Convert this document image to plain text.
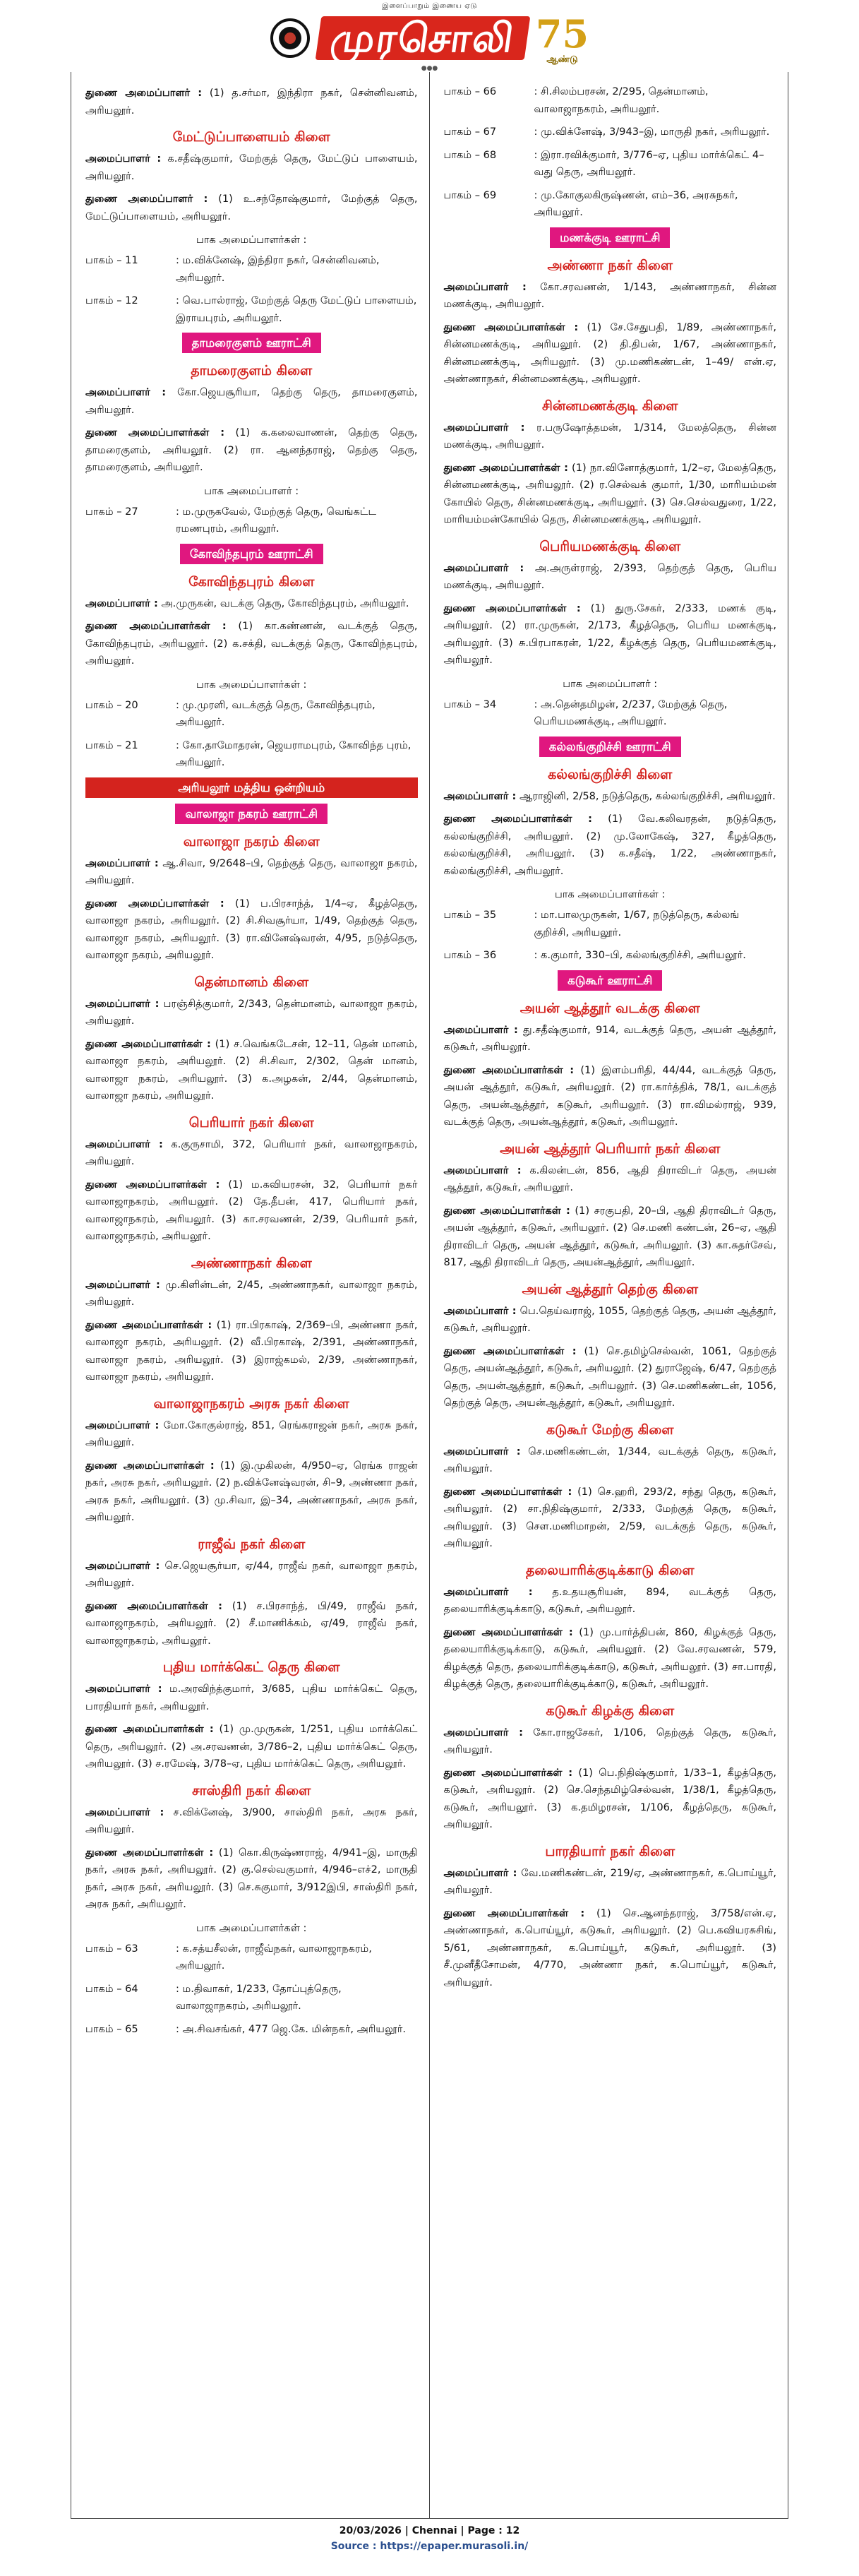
இளைப்பாறும் இணைய ஏடு
முரசொலி 75
ஆண்டு
●●●

துணை அமைப்பாளர் : (1) த.சர்மா, இந்திரா நகர், சென்னிவனம், அரியலூர்.

மேட்டுப்பாளையம் கிளை

அமைப்பாளர் : க.சதீஷ்குமார், மேற்குத் தெரு, மேட்டுப் பாளையம், அரியலூர்.

துணை அமைப்பாளர் : (1) உ.சந்தோஷ்குமார், மேற்குத் தெரு, மேட்டுப்பாளையம், அரியலூர்.

பாக அமைப்பாளர்கள் :
பாகம் – 11	: ம.விக்னேஷ், இந்திரா நகர், சென்னிவனம், அரியலூர்.
பாகம் – 12	: வெ.பால்ராஜ், மேற்குத் தெரு மேட்டுப் பாளையம், இராயபுரம், அரியலூர்.
தாமரைகுளம் ஊராட்சி
தாமரைகுளம் கிளை

அமைப்பாளர் : கோ.ஜெயசூரியா, தெற்கு தெரு, தாமரைகுளம், அரியலூர்.

துணை அமைப்பாளர்கள் : (1) க.கலைவாணன், தெற்கு தெரு, தாமரைகுளம், அரியலூர். (2) ரா. ஆனந்தராஜ், தெற்கு தெரு, தாமரைகுளம், அரியலூர்.

பாக அமைப்பாளர் :
பாகம் – 27	: ம.முருகவேல், மேற்குத் தெரு, வெங்கட்ட ரமணபுரம், அரியலூர்.
கோவிந்தபுரம் ஊராட்சி
கோவிந்தபுரம் கிளை

அமைப்பாளர் : அ.முருகன், வடக்கு தெரு, கோவிந்தபுரம், அரியலூர்.

துணை அமைப்பாளர்கள் : (1) கா.கண்ணன், வடக்குத் தெரு, கோவிந்தபுரம், அரியலூர். (2) க.சக்தி, வடக்குத் தெரு, கோவிந்தபுரம், அரியலூர்.

பாக அமைப்பாளர்கள் :
பாகம் – 20	: மு.முரளி, வடக்குத் தெரு, கோவிந்தபுரம், அரியலூர்.
பாகம் – 21	: கோ.தாமோதரன், ஜெயராமபுரம், கோவிந்த புரம், அரியலூர்.
அரியலூர் மத்திய ஒன்றியம்
வாலாஜா நகரம் ஊராட்சி
வாலாஜா நகரம் கிளை

அமைப்பாளர் : ஆ.சிவா, 9/2648–பி, தெற்குத் தெரு, வாலாஜா நகரம், அரியலூர்.

துணை அமைப்பாளர்கள் : (1) ப.பிரசாந்த், 1/4–ஏ, கீழத்தெரு, வாலாஜா நகரம், அரியலூர். (2) சி.சிவசூர்யா, 1/49, தெற்குத் தெரு, வாலாஜா நகரம், அரியலூர். (3) ரா.வினேஷ்வரன், 4/95, நடுத்தெரு, வாலாஜா நகரம், அரியலூர்.

தென்மானம் கிளை

அமைப்பாளர் : பரஞ்சித்குமார், 2/343, தென்மானம், வாலாஜா நகரம், அரியலூர்.

துணை அமைப்பாளர்கள் : (1) ச.வெங்கடேசன், 12–11, தென் மானம், வாலாஜா நகரம், அரியலூர். (2) சி.சிவா, 2/302, தென் மானம், வாலாஜா நகரம், அரியலூர். (3) க.அழகன், 2/44, தென்மானம், வாலாஜா நகரம், அரியலூர்.

பெரியார் நகர் கிளை

அமைப்பாளர் : க.குருசாமி, 372, பெரியார் நகர், வாலாஜாநகரம், அரியலூர்.

துணை அமைப்பாளர்கள் : (1) ம.கவியரசன், 32, பெரியார் நகர் வாலாஜாநகரம், அரியலூர். (2) தே.தீபன், 417, பெரியார் நகர், வாலாஜாநகரம், அரியலூர். (3) கா.சரவணன், 2/39, பெரியார் நகர், வாலாஜாநகரம், அரியலூர்.

அண்ணாநகர் கிளை

அமைப்பாளர் : மு.கிளின்டன், 2/45, அண்ணாநகர், வாலாஜா நகரம், அரியலூர்.

துணை அமைப்பாளர்கள் : (1) ரா.பிரகாஷ், 2/369–பி, அண்ணா நகர், வாலாஜா நகரம், அரியலூர். (2) வீ.பிரகாஷ், 2/391, அண்ணாநகர், வாலாஜா நகரம், அரியலூர். (3) இராஜ்கமல், 2/39, அண்ணாநகர், வாலாஜா நகரம், அரியலூர்.

வாலாஜாநகரம் அரசு நகர் கிளை

அமைப்பாளர் : மோ.கோகுல்ராஜ், 851, ரெங்கராஜன் நகர், அரசு நகர், அரியலூர்.

துணை அமைப்பாளர்கள் : (1) இ.முகிலன், 4/950–ஏ, ரெங்க ராஜன் நகர், அரசு நகர், அரியலூர். (2) ந.விக்னேஷ்வரன், சி–9, அண்ணா நகர், அரசு நகர், அரியலூர். (3) மு.சிவா, இ–34, அண்ணாநகர், அரசு நகர், அரியலூர்.

ராஜீவ் நகர் கிளை

அமைப்பாளர் : செ.ஜெயசூர்யா, ஏ/44, ராஜீவ் நகர், வாலாஜா நகரம், அரியலூர்.

துணை அமைப்பாளர்கள் : (1) ச.பிரசாந்த், பி/49, ராஜீவ் நகர், வாலாஜாநகரம், அரியலூர். (2) சீ.மாணிக்கம், ஏ/49, ராஜீவ் நகர், வாலாஜாநகரம், அரியலூர்.

புதிய மார்க்கெட் தெரு கிளை

அமைப்பாளர் : ம.அரவிந்த்குமார், 3/685, புதிய மார்க்கெட் தெரு, பாரதியார் நகர், அரியலூர்.

துணை அமைப்பாளர்கள் : (1) மு.முருகன், 1/251, புதிய மார்க்கெட் தெரு, அரியலூர். (2) அ.சரவணன், 3/786–2, புதிய மார்க்கெட் தெரு, அரியலூர். (3) ச.ரமேஷ், 3/78–ஏ, புதிய மார்க்கெட் தெரு, அரியலூர்.

சாஸ்திரி நகர் கிளை

அமைப்பாளர் : ச.விக்னேஷ், 3/900, சாஸ்திரி நகர், அரசு நகர், அரியலூர்.

துணை அமைப்பாளர்கள் : (1) கொ.கிருஷ்ணராஜ், 4/941–இ, மாருதி நகர், அரசு நகர், அரியலூர். (2) கு.செல்வகுமார், 4/946–எச்2, மாருதி நகர், அரசு நகர், அரியலூர். (3) செ.சுகுமார், 3/912இபி, சாஸ்திரி நகர், அரசு நகர், அரியலூர்.

பாக அமைப்பாளர்கள் :
பாகம் – 63	: க.சத்யசீலன், ராஜீவ்நகர், வாலாஜாநகரம், அரியலூர்.
பாகம் – 64	: ம.திவாகர், 1/233, தோப்புத்தெரு, வாலாஜாநகரம், அரியலூர்.
பாகம் – 65	: அ.சிவசங்கர், 477 ஜெ.கே. மின்நகர், அரியலூர்.
பாகம் – 66	: சி.சிலம்பரசன், 2/295, தென்மானம், வாலாஜாநகரம், அரியலூர்.
பாகம் – 67	: மு.விக்னேஷ், 3/943–இ, மாருதி நகர், அரியலூர்.
பாகம் – 68	: இரா.ரவிக்குமார், 3/776–ஏ, புதிய மார்க்கெட் 4–வது தெரு, அரியலூர்.
பாகம் – 69	: மு.கோகுலகிருஷ்ணன், எம்–36, அரசுநகர், அரியலூர்.
மணக்குடி ஊராட்சி
அண்ணா நகர் கிளை

அமைப்பாளர் : கோ.சரவணன், 1/143, அண்ணாநகர், சின்ன மணக்குடி, அரியலூர்.

துணை அமைப்பாளர்கள் : (1) சே.சேதுபதி, 1/89, அண்ணாநகர், சின்னமணக்குடி, அரியலூர். (2) தி.திபன், 1/67, அண்ணாநகர், சின்னமணக்குடி, அரியலூர். (3) மு.மணிகண்டன், 1–49/ என்.ஏ, அண்ணாநகர், சின்னமணக்குடி, அரியலூர்.

சின்னமணக்குடி கிளை

அமைப்பாளர் : ர.பருஷோத்தமன், 1/314, மேலத்தெரு, சின்ன மணக்குடி, அரியலூர்.

துணை அமைப்பாளர்கள் : (1) நா.வினோத்குமார், 1/2–ஏ, மேலத்தெரு, சின்னமணக்குடி, அரியலூர். (2) ர.செல்வக் குமார், 1/30, மாரியம்மன் கோயில் தெரு, சின்னமணக்குடி, அரியலூர். (3) செ.செல்வதுரை, 1/22, மாரியம்மன்கோயில் தெரு, சின்னமணக்குடி, அரியலூர்.

பெரியமணக்குடி கிளை

அமைப்பாளர் : அ.அருள்ராஜ், 2/393, தெற்குத் தெரு, பெரிய மணக்குடி, அரியலூர்.

துணை அமைப்பாளர்கள் : (1) துரு.சேகர், 2/333, மணக் குடி, அரியலூர். (2) ரா.முருகன், 2/173, கீழத்தெரு, பெரிய மணக்குடி, அரியலூர். (3) சு.பிரபாகரன், 1/22, கீழக்குத் தெரு, பெரியமணக்குடி, அரியலூர்.

பாக அமைப்பாளர் :
பாகம் – 34	: அ.தென்தமிழன், 2/237, மேற்குத் தெரு, பெரியமணக்குடி, அரியலூர்.
கல்லங்குறிச்சி ஊராட்சி
கல்லங்குறிச்சி கிளை

அமைப்பாளர் : ஆராஜினி, 2/58, நடுத்தெரு, கல்லங்குறிச்சி, அரியலூர்.

துணை அமைப்பாளர்கள் : (1) வே.கலிவரதன், நடுத்தெரு, கல்லங்குறிச்சி, அரியலூர். (2) மு.லோகேஷ், 327, கீழத்தெரு, கல்லங்குறிச்சி, அரியலூர். (3) க.சதீஷ், 1/22, அண்ணாநகர், கல்லங்குறிச்சி, அரியலூர்.

பாக அமைப்பாளர்கள் :
பாகம் – 35	: மா.பாலமுருகன், 1/67, நடுத்தெரு, கல்லங் குறிச்சி, அரியலூர்.
பாகம் – 36	: க.குமார், 330–பி, கல்லங்குறிச்சி, அரியலூர்.
கடுகூர் ஊராட்சி
அயன் ஆத்தூர் வடக்கு கிளை

அமைப்பாளர் : து.சதீஷ்குமார், 914, வடக்குத் தெரு, அயன் ஆத்தூர், கடுகூர், அரியலூர்.

துணை அமைப்பாளர்கள் : (1) இளம்பரிதி, 44/44, வடக்குத் தெரு, அயன் ஆத்தூர், கடுகூர், அரியலூர். (2) ரா.கார்த்திக், 78/1, வடக்குத் தெரு, அயன்ஆத்தூர், கடுகூர், அரியலூர். (3) ரா.விமல்ராஜ், 939, வடக்குத் தெரு, அயன்ஆத்தூர், கடுகூர், அரியலூர்.

அயன் ஆத்தூர் பெரியார் நகர் கிளை

அமைப்பாளர் : க.கிலன்டன், 856, ஆதி திராவிடர் தெரு, அயன் ஆத்தூர், கடுகூர், அரியலூர்.

துணை அமைப்பாளர்கள் : (1) சரகுபதி, 20–பி, ஆதி திராவிடர் தெரு, அயன் ஆத்தூர், கடுகூர், அரியலூர். (2) செ.மணி கண்டன், 26–ஏ, ஆதி திராவிடர் தெரு, அயன் ஆத்தூர், கடுகூர், அரியலூர். (3) கா.சுதர்சேவ், 817, ஆதி திராவிடர் தெரு, அயன்ஆத்தூர், அரியலூர்.

அயன் ஆத்தூர் தெற்கு கிளை

அமைப்பாளர் : பெ.தெய்வராஜ், 1055, தெற்குத் தெரு, அயன் ஆத்தூர், கடுகூர், அரியலூர்.

துணை அமைப்பாளர்கள் : (1) செ.தமிழ்செல்வன், 1061, தெற்குத் தெரு, அயன்ஆத்தூர், கடுகூர், அரியலூர். (2) துராஜேஷ், 6/47, தெற்குத் தெரு, அயன்ஆத்தூர், கடுகூர், அரியலூர். (3) செ.மணிகண்டன், 1056, தெற்குத் தெரு, அயன்ஆத்தூர், கடுகூர், அரியலூர்.

கடுகூர் மேற்கு கிளை

அமைப்பாளர் : செ.மணிகண்டன், 1/344, வடக்குத் தெரு, கடுகூர், அரியலூர்.

துணை அமைப்பாளர்கள் : (1) செ.ஹரி, 293/2, சந்து தெரு, கடுகூர், அரியலூர். (2) சா.நிதிஷ்குமார், 2/333, மேற்குத் தெரு, கடுகூர், அரியலூர். (3) செள.மணிமாறன், 2/59, வடக்குத் தெரு, கடுகூர், அரியலூர்.

தலையாரிக்குடிக்காடு கிளை

அமைப்பாளர் : த.உதயசூரியன், 894, வடக்குத் தெரு, தலையாரிக்குடிக்காடு, கடுகூர், அரியலூர்.

துணை அமைப்பாளர்கள் : (1) மு.பார்த்திபன், 860, கிழக்குத் தெரு, தலையாரிக்குடிக்காடு, கடுகூர், அரியலூர். (2) வே.சரவணன், 579, கிழக்குத் தெரு, தலையாரிக்குடிக்காடு, கடுகூர், அரியலூர். (3) சா.பாரதி, கிழக்குத் தெரு, தலையாரிக்குடிக்காடு, கடுகூர், அரியலூர்.

கடுகூர் கிழக்கு கிளை

அமைப்பாளர் : கோ.ராஜசேகர், 1/106, தெற்குத் தெரு, கடுகூர், அரியலூர்.

துணை அமைப்பாளர்கள் : (1) பெ.நிதிஷ்குமார், 1/33–1, கீழத்தெரு, கடுகூர், அரியலூர். (2) செ.செந்தமிழ்செல்வன், 1/38/1, கீழத்தெரு, கடுகூர், அரியலூர். (3) க.தமிழரசன், 1/106, கீழத்தெரு, கடுகூர், அரியலூர்.

பாரதியார் நகர் கிளை

அமைப்பாளர் : வே.மணிகண்டன், 219/ஏ, அண்ணாநகர், க.பொய்யூர், அரியலூர்.

துணை அமைப்பாளர்கள் : (1) செ.ஆனந்தராஜ், 3/758/என்.ஏ, அண்ணாநகர், க.பொய்யூர், கடுகூர், அரியலூர். (2) பெ.கவியரசுசிங், 5/61, அண்ணாநகர், க.பொய்யூர், கடுகூர், அரியலூர். (3) சீ.முனீதீசோமன், 4/770, அண்ணா நகர், க.பொய்யூர், கடுகூர், அரியலூர்.

20/03/2026 | Chennai | Page : 12
Source : https://epaper.murasoli.in/
